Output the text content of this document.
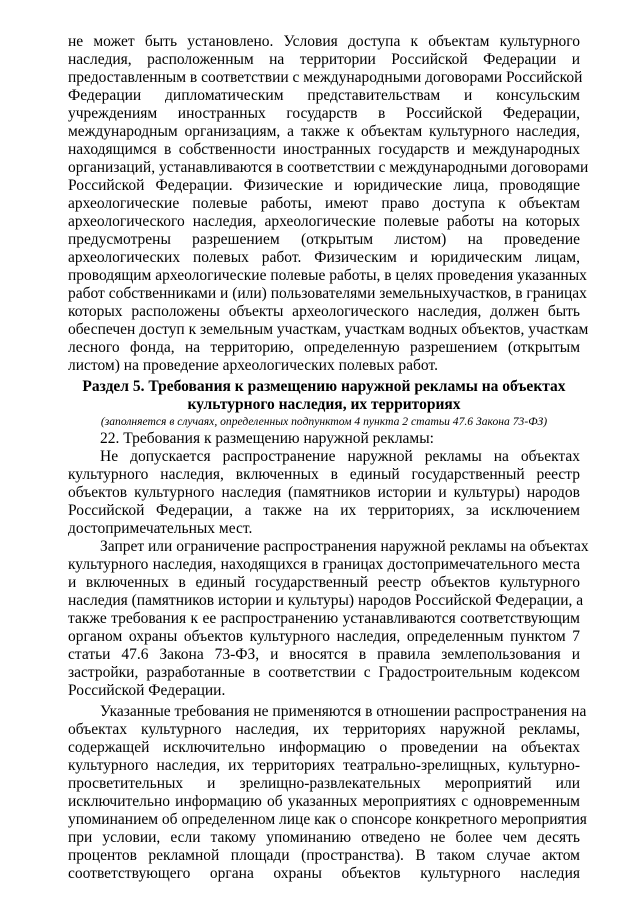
не может быть установлено. Условия доступа к объектам культурного
наследия, расположенным на территории Российской Федерации и
предоставленным в соответствии с международными договорами Российской
Федерации дипломатическим представительствам и консульским
учреждениям иностранных государств в Российской Федерации,
международным организациям, а также к объектам культурного наследия,
находящимся в собственности иностранных государств и международных
организаций, устанавливаются в соответствии с международными договорами
Российской Федерации. Физические и юридические лица, проводящие
археологические полевые работы, имеют право доступа к объектам
археологического наследия, археологические полевые работы на которых
предусмотрены разрешением (открытым листом) на проведение
археологических полевых работ. Физическим и юридическим лицам,
проводящим археологические полевые работы, в целях проведения указанных
работ собственниками и (или) пользователями земельныхучастков, в границах
которых расположены объекты археологического наследия, должен быть
обеспечен доступ к земельным участкам, участкам водных объектов, участкам
лесного фонда, на территорию, определенную разрешением (открытым
листом) на проведение археологических полевых работ.
Раздел 5. Требования к размещению наружной рекламы на объектах
культурного наследия, их территориях
(заполняется в случаях, определенных подпунктом 4 пункта 2 статьи 47.6 Закона 73-ФЗ)
22. Требования к размещению наружной рекламы:
Не допускается распространение наружной рекламы на объектах
культурного наследия, включенных в единый государственный реестр
объектов культурного наследия (памятников истории и культуры) народов
Российской Федерации, а также на их территориях, за исключением
достопримечательных мест.
Запрет или ограничение распространения наружной рекламы на объектах
культурного наследия, находящихся в границах достопримечательного места
и включенных в единый государственный реестр объектов культурного
наследия (памятников истории и культуры) народов Российской Федерации, а
также требования к ее распространению устанавливаются соответствующим
органом охраны объектов культурного наследия, определенным пунктом 7
статьи 47.6 Закона 73-ФЗ, и вносятся в правила землепользования и
застройки, разработанные в соответствии с Градостроительным кодексом
Российской Федерации.
Указанные требования не применяются в отношении распространения на
объектах культурного наследия, их территориях наружной рекламы,
содержащей исключительно информацию о проведении на объектах
культурного наследия, их территориях театрально-зрелищных, культурно-
просветительных и зрелищно-развлекательных мероприятий или
исключительно информацию об указанных мероприятиях с одновременным
упоминанием об определенном лице как о спонсоре конкретного мероприятия
при условии, если такому упоминанию отведено не более чем десять
процентов рекламной площади (пространства). В таком случае актом
соответствующего органа охраны объектов культурного наследия
